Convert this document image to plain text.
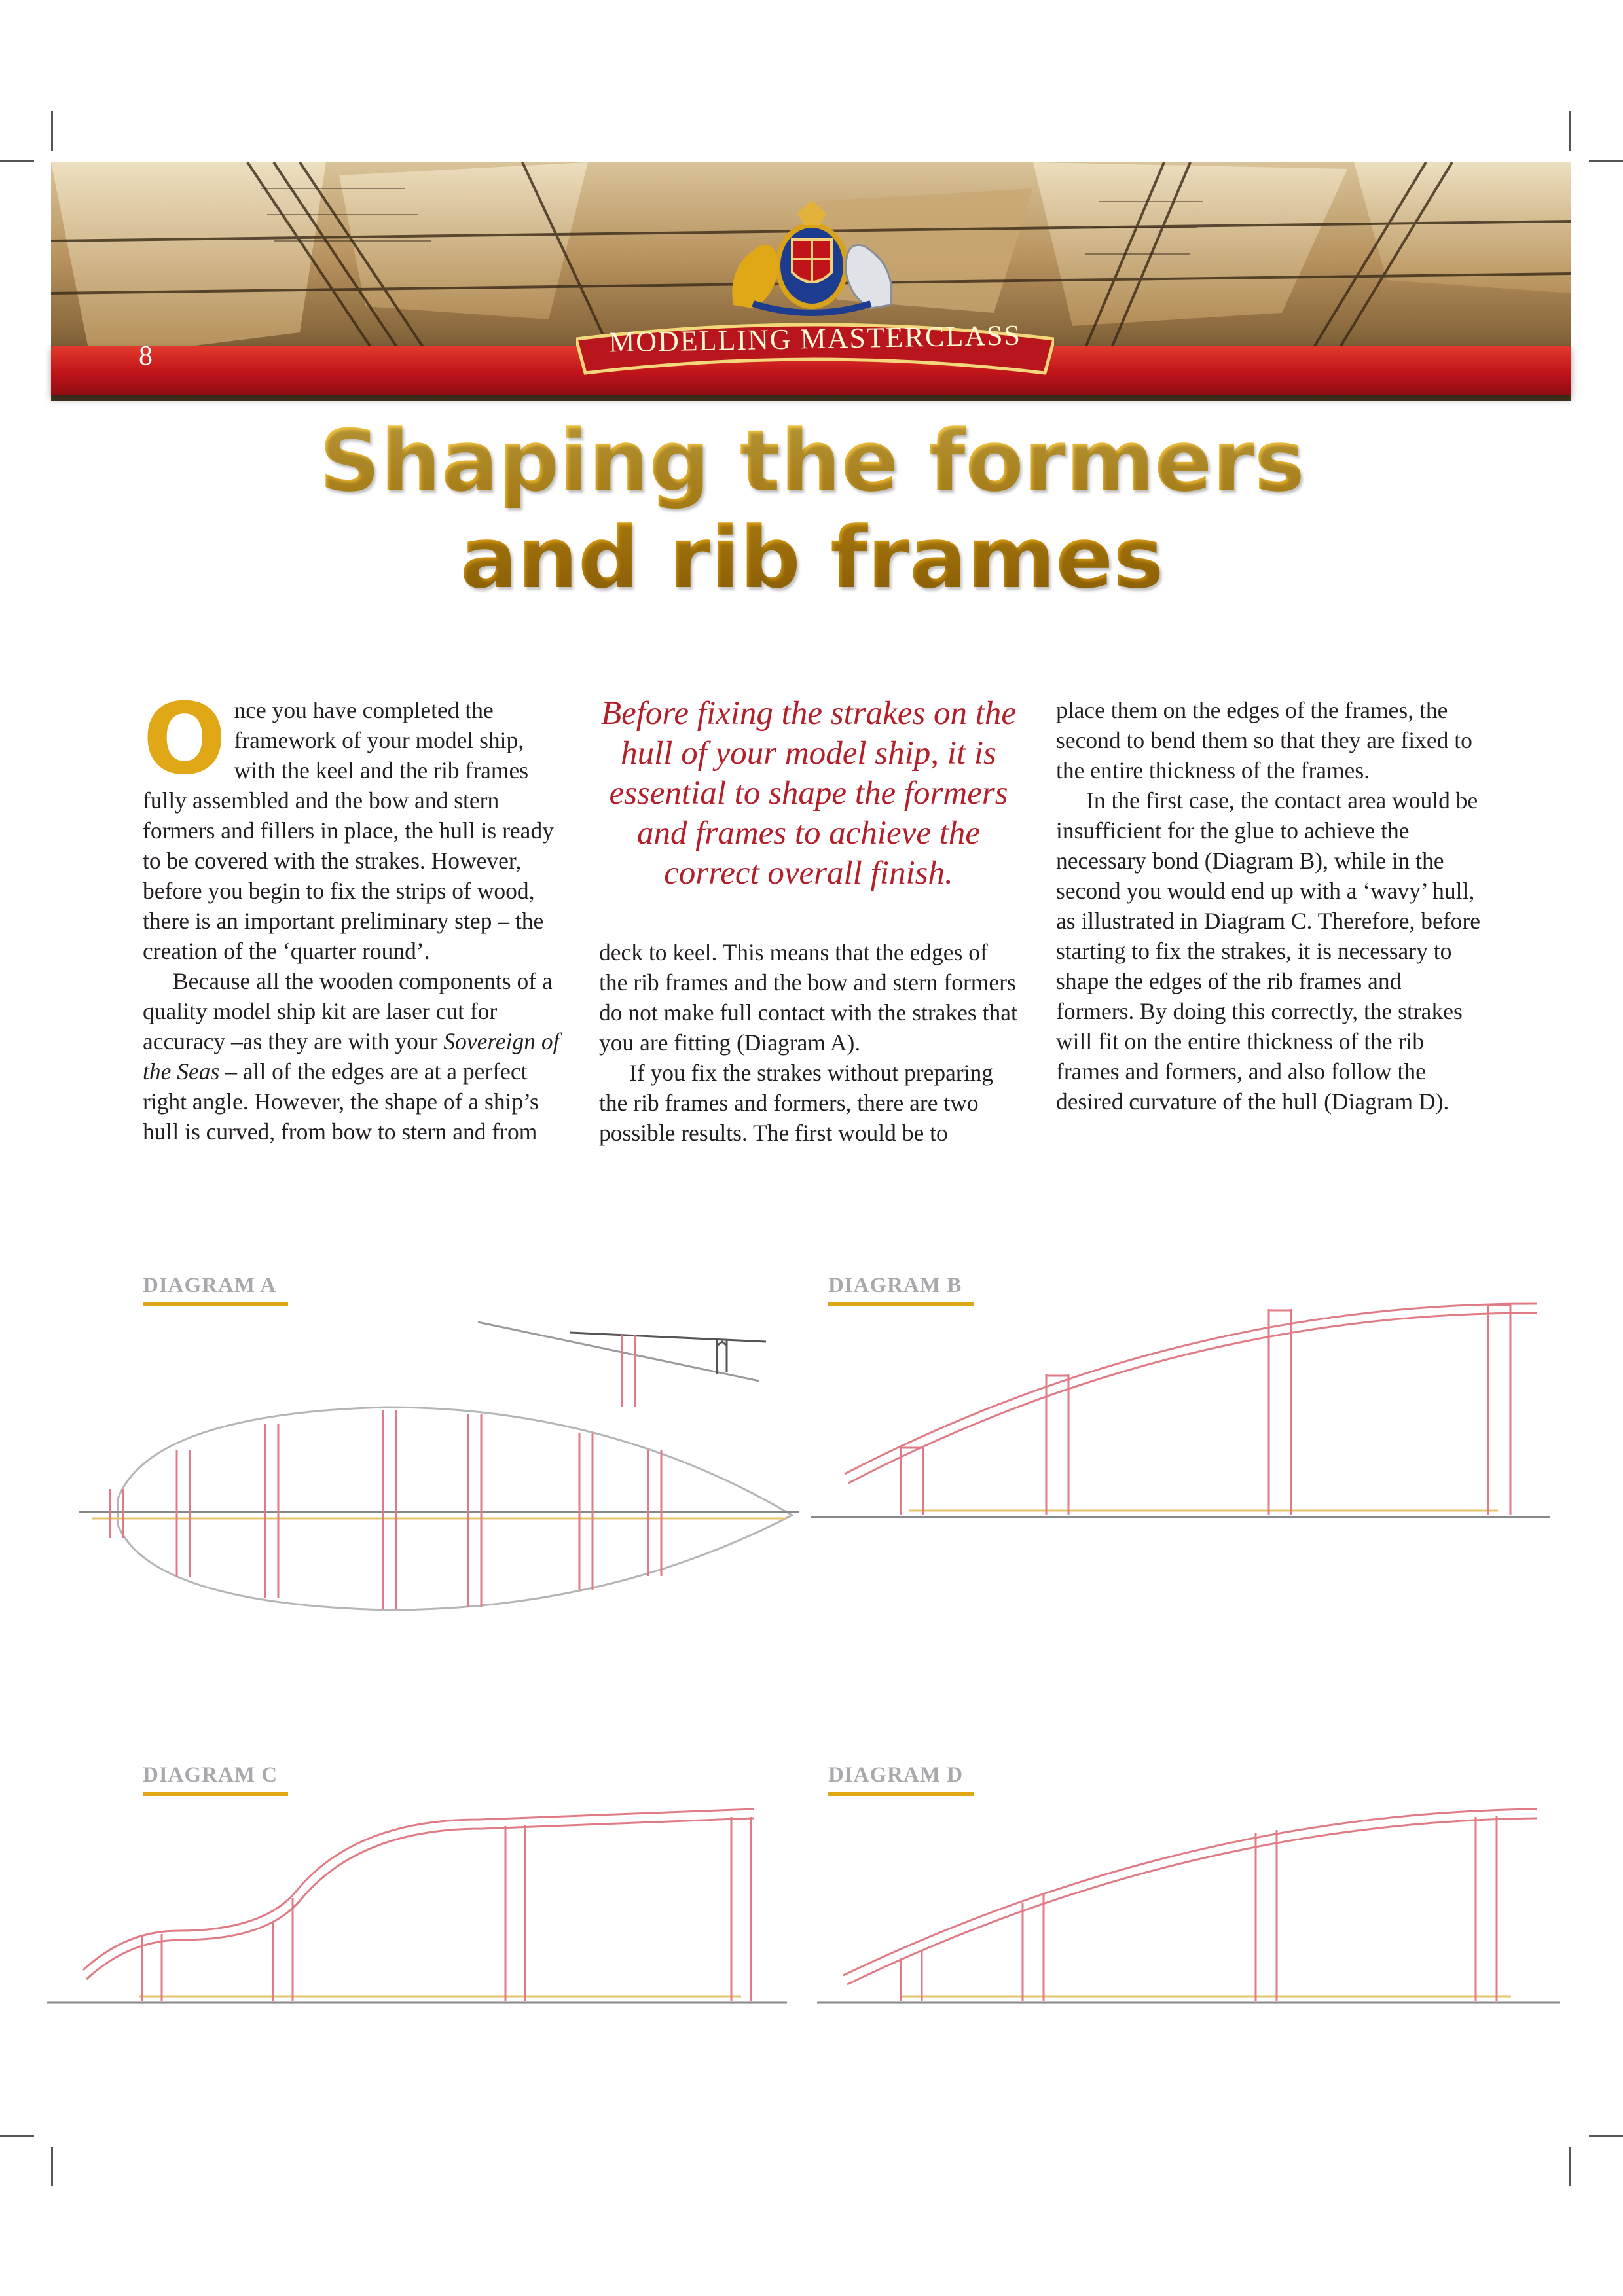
8	MODELLING MASTERCLASS
Shaping the formers
and rib frames

Once you have completed the framework of your model ship, with the keel and the rib frames fully assembled and the bow and stern formers and fillers in place, the hull is ready to be covered with the strakes. However, before you begin to fix the strips of wood, there is an important preliminary step – the creation of the ‘quarter round’.

Because all the wooden components of a quality model ship kit are laser cut for accuracy –as they are with your Sovereign of the Seas – all of the edges are at a perfect right angle. However, the shape of a ship’s hull is curved, from bow to stern and from

Before fixing the strakes on the hull of your model ship, it is essential to shape the formers and frames to achieve the correct overall finish.

deck to keel. This means that the edges of the rib frames and the bow and stern formers do not make full contact with the strakes that you are fitting (Diagram A).

If you fix the strakes without preparing the rib frames and formers, there are two possible results. The first would be to

place them on the edges of the frames, the second to bend them so that they are fixed to the entire thickness of the frames.

In the first case, the contact area would be insufficient for the glue to achieve the necessary bond (Diagram B), while in the second you would end up with a ‘wavy’ hull, as illustrated in Diagram C. Therefore, before starting to fix the strakes, it is necessary to shape the edges of the rib frames and formers. By doing this correctly, the strakes will fit on the entire thickness of the rib frames and formers, and also follow the desired curvature of the hull (Diagram D).

DIAGRAM A	DIAGRAM B
DIAGRAM C	DIAGRAM D
